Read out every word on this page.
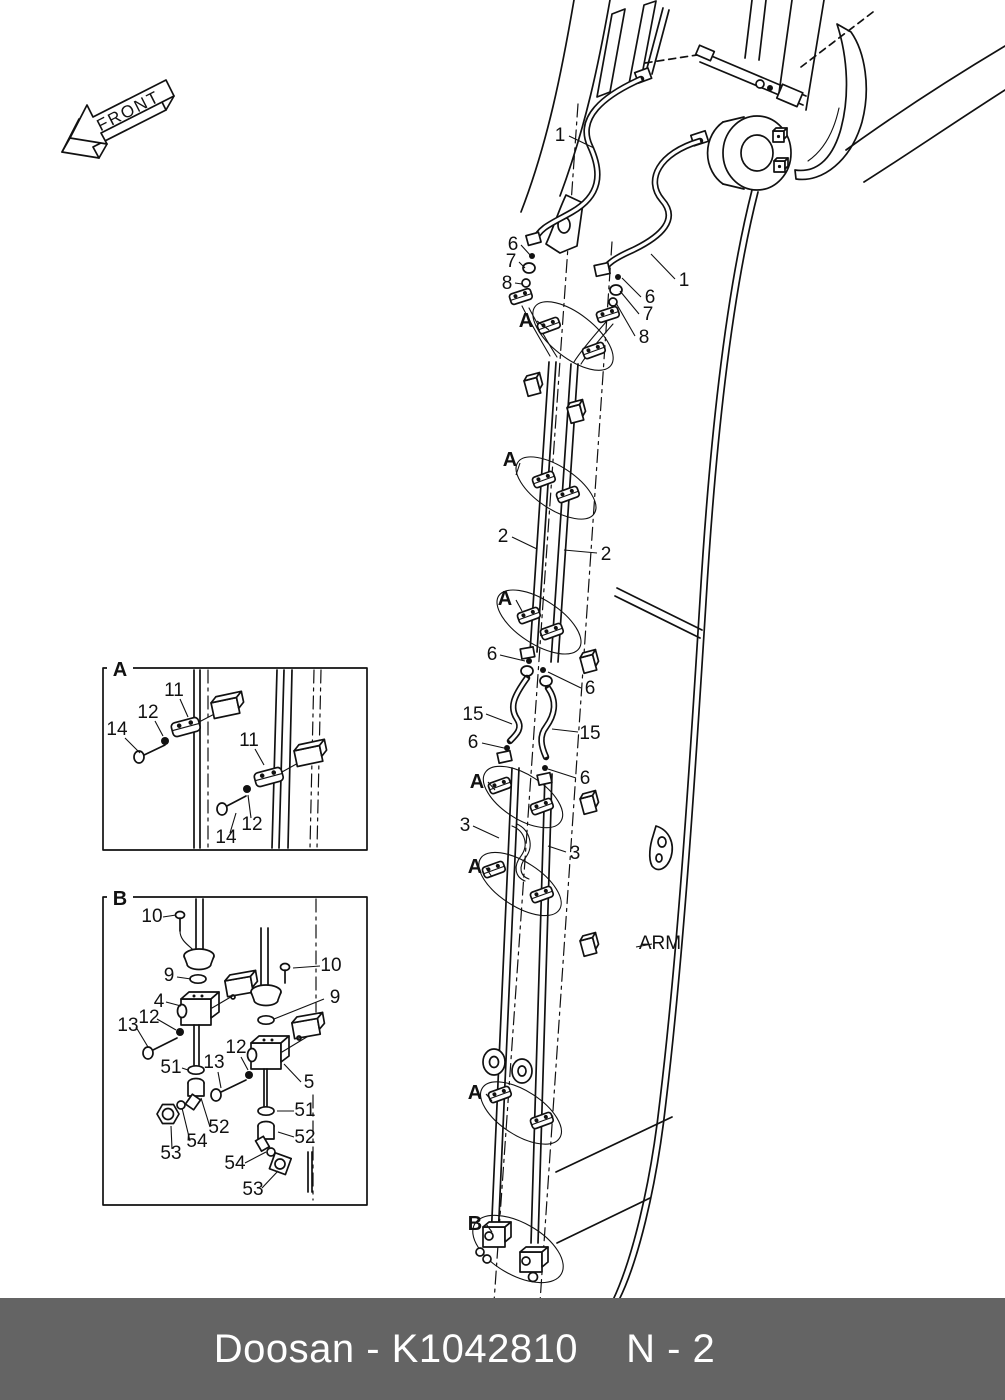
FRONT
A
B
1
6
7
8
A
1
6
7
8
A
2
2
A
6
6
15
15
6
6
A
3
3
A
ARM
A
B
11
12
14
11
12
14
10
9
4
12
13
51 13
12
10
9
5
51
52
54
53
52
54
53
Doosan - K1042810 N - 2
